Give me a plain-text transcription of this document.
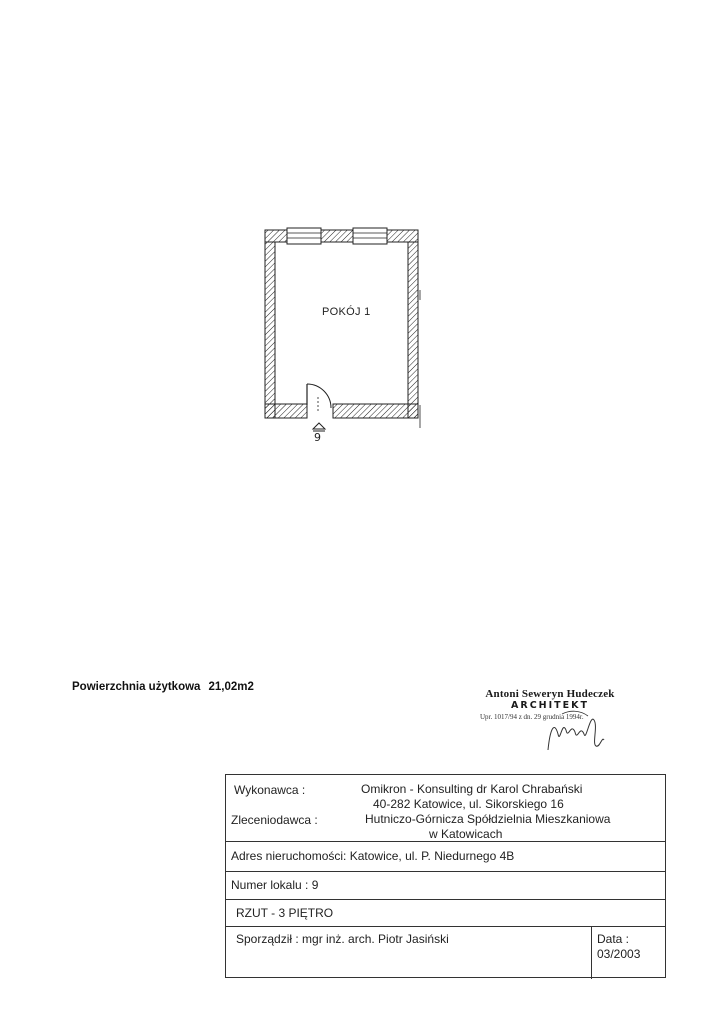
POKÓJ 1
9
Powierzchnia użytkowa 21,02m2
Antoni Seweryn Hudeczek
ARCHITEKT
Upr. 1017/94 z dn. 29 grudnia 1994r.
Wykonawca :	Omikron - Konsulting dr Karol Chrabański
40-282 Katowice, ul. Sikorskiego 16
Zleceniodawca :	Hutniczo-Górnicza Spółdzielnia Mieszkaniowa
w Katowicach
Adres nieruchomości: Katowice, ul. P. Niedurnego 4B
Numer lokalu : 9
RZUT - 3 PIĘTRO
Sporządził : mgr inż. arch. Piotr Jasiński	Data :
03/2003
